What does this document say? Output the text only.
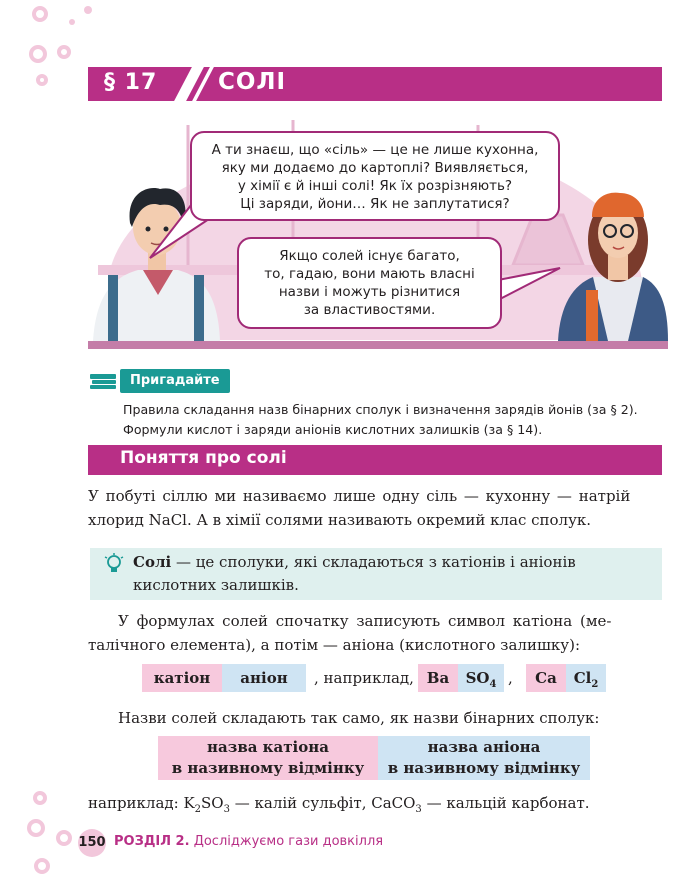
§ 17	СОЛІ
А ти знаєш, що «сіль» — це не лише кухонна,
яку ми додаємо до картоплі? Виявляється,
у хімії є й інші солі! Як їх розрізняють?
Ці заряди, йони… Як не заплутатися?
Якщо солей існує багато,
то, гадаю, вони мають власні
назви і можуть різнитися
за властивостями.
Пригадайте
Правила складання назв бінарних сполук і визначення зарядів йонів (за § 2).
Формули кислот і заряди аніонів кислотних залишків (за § 14).
Поняття про солі
У побуті сіллю ми називаємо лише одну сіль — кухонну — натрій
хлорид NaCl. А в хімії солями називають окремий клас сполук.
Солі — це сполуки, які складаються з катіонів і аніонів
кислотних залишків.
У формулах солей спочатку записують символ катіона (ме-
талічного елемента), а потім — аніона (кислотного залишку):
катіон	аніон	, наприклад, Ba	$SO_4$ ,	Ca	$Cl_2$
Назви солей складають так само, як назви бінарних сполук:
назва катіона
в називному відмінку
назва аніона
в називному відмінку
наприклад: $K_2SO_3$ — калій сульфіт, CaCO$_3$ — кальцій карбонат.
150 РОЗДІЛ 2. Досліджуємо гази довкілля
